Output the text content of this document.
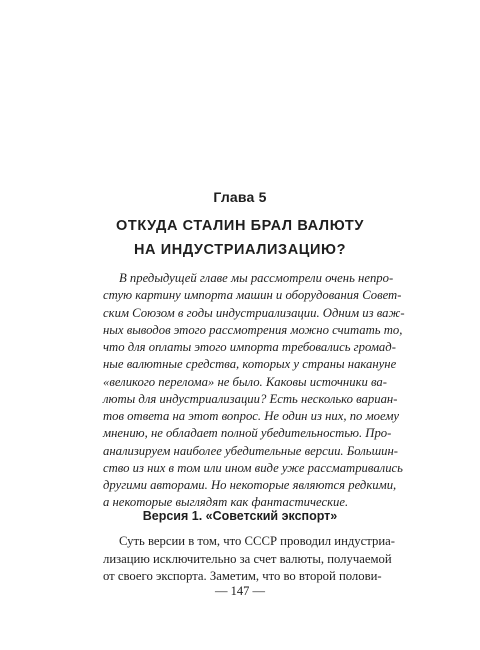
Глава 5
ОТКУДА СТАЛИН БРАЛ ВАЛЮТУ
НА ИНДУСТРИАЛИЗАЦИЮ?

В предыдущей главе мы рассмотрели очень непро-
стую картину импорта машин и оборудования Совет-
ским Союзом в годы индустриализации. Одним из важ-
ных выводов этого рассмотрения можно считать то,
что для оплаты этого импорта требовались громад-
ные валютные средства, которых у страны накануне
«великого перелома» не было. Каковы источники ва-
люты для индустриализации? Есть несколько вариан-
тов ответа на этот вопрос. Не один из них, по моему
мнению, не обладает полной убедительностью. Про-
анализируем наиболее убедительные версии. Большин-
ство из них в том или ином виде уже рассматривались
другими авторами. Но некоторые являются редкими,
а некоторые выглядят как фантастические.

Версия 1. «Советский экспорт»

Суть версии в том, что СССР проводил индустриа-
лизацию исключительно за счет валюты, получаемой
от своего экспорта. Заметим, что во второй полови-

— 147 —
